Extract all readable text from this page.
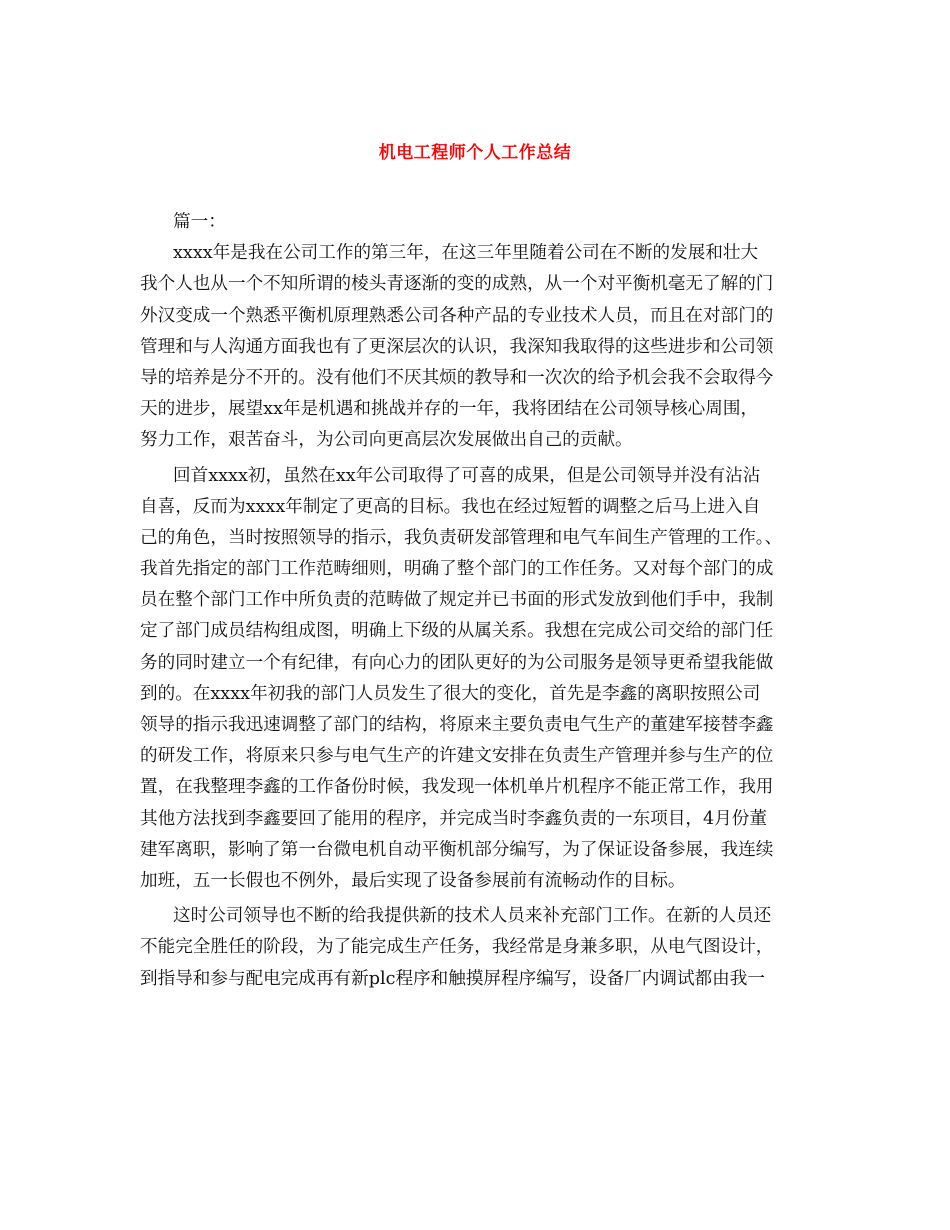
机电工程师个人工作总结
篇一：
xxxx年是我在公司工作的第三年，在这三年里随着公司在不断的发展和壮大
我个人也从一个不知所谓的棱头青逐渐的变的成熟，从一个对平衡机毫无了解的门
外汉变成一个熟悉平衡机原理熟悉公司各种产品的专业技术人员，而且在对部门的
管理和与人沟通方面我也有了更深层次的认识，我深知我取得的这些进步和公司领
导的培养是分不开的。没有他们不厌其烦的教导和一次次的给予机会我不会取得今
天的进步，展望xx年是机遇和挑战并存的一年，我将团结在公司领导核心周围，
努力工作，艰苦奋斗，为公司向更高层次发展做出自己的贡献。
回首xxxx初，虽然在xx年公司取得了可喜的成果，但是公司领导并没有沾沾
自喜，反而为xxxx年制定了更高的目标。我也在经过短暂的调整之后马上进入自
己的角色，当时按照领导的指示，我负责研发部管理和电气车间生产管理的工作。、
我首先指定的部门工作范畴细则，明确了整个部门的工作任务。又对每个部门的成
员在整个部门工作中所负责的范畴做了规定并已书面的形式发放到他们手中，我制
定了部门成员结构组成图，明确上下级的从属关系。我想在完成公司交给的部门任
务的同时建立一个有纪律，有向心力的团队更好的为公司服务是领导更希望我能做
到的。在xxxx年初我的部门人员发生了很大的变化，首先是李鑫的离职按照公司
领导的指示我迅速调整了部门的结构，将原来主要负责电气生产的董建军接替李鑫
的研发工作，将原来只参与电气生产的许建文安排在负责生产管理并参与生产的位
置，在我整理李鑫的工作备份时候，我发现一体机单片机程序不能正常工作，我用
其他方法找到李鑫要回了能用的程序，并完成当时李鑫负责的一东项目，4月份董
建军离职，影响了第一台微电机自动平衡机部分编写，为了保证设备参展，我连续
加班，五一长假也不例外，最后实现了设备参展前有流畅动作的目标。
这时公司领导也不断的给我提供新的技术人员来补充部门工作。在新的人员还
不能完全胜任的阶段，为了能完成生产任务，我经常是身兼多职，从电气图设计，
到指导和参与配电完成再有新plc程序和触摸屏程序编写，设备厂内调试都由我一
